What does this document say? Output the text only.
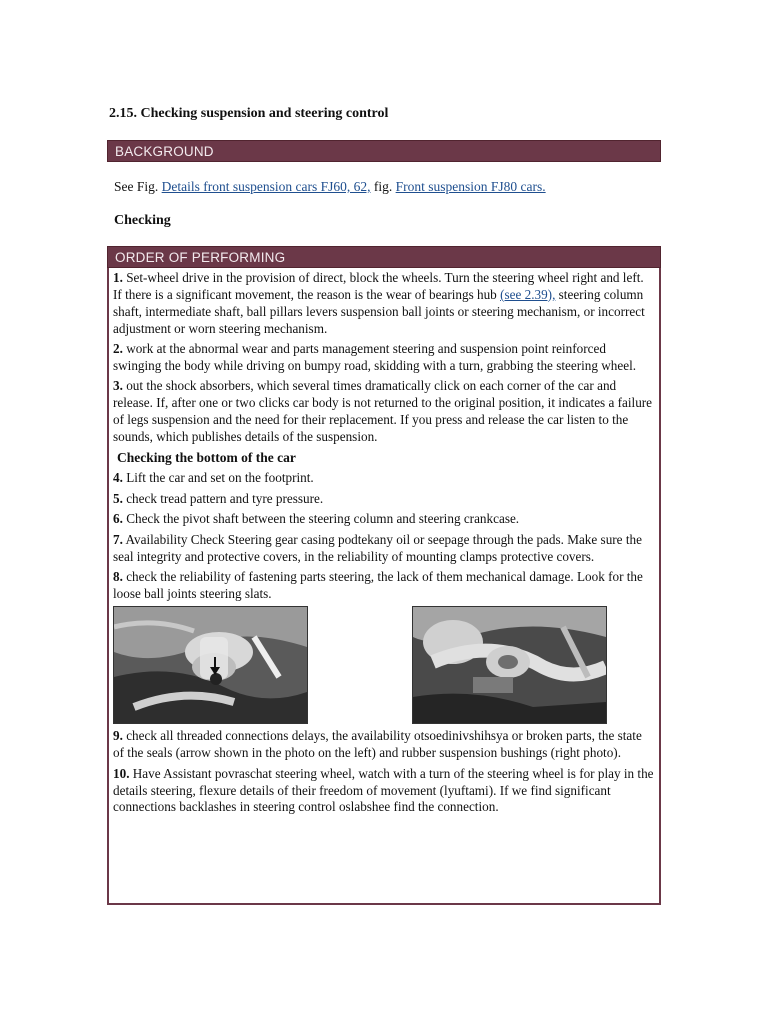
2.15. Checking suspension and steering control
BACKGROUND
See Fig. Details front suspension cars FJ60, 62, fig. Front suspension FJ80 cars.
Checking
ORDER OF PERFORMING

1. Set-wheel drive in the provision of direct, block the wheels. Turn the steering wheel right and left. If there is a significant movement, the reason is the wear of bearings hub (see 2.39), steering column shaft, intermediate shaft, ball pillars levers suspension ball joints or steering mechanism, or incorrect adjustment or worn steering mechanism.

2. work at the abnormal wear and parts management steering and suspension point reinforced swinging the body while driving on bumpy road, skidding with a turn, grabbing the steering wheel.

3. out the shock absorbers, which several times dramatically click on each corner of the car and release. If, after one or two clicks car body is not returned to the original position, it indicates a failure of legs suspension and the need for their replacement. If you press and release the car listen to the sounds, which publishes details of the suspension.

Checking the bottom of the car

4. Lift the car and set on the footprint.

5. check tread pattern and tyre pressure.

6. Check the pivot shaft between the steering column and steering crankcase.

7. Availability Check Steering gear casing podtekany oil or seepage through the pads. Make sure the seal integrity and protective covers, in the reliability of mounting clamps protective covers.

8. check the reliability of fastening parts steering, the lack of them mechanical damage. Look for the loose ball joints steering slats.

9. check all threaded connections delays, the availability otsoedinivshihsya or broken parts, the state of the seals (arrow shown in the photo on the left) and rubber suspension bushings (right photo).

10. Have Assistant povraschat steering wheel, watch with a turn of the steering wheel is for play in the details steering, flexure details of their freedom of movement (lyuftami). If we find significant connections backlashes in steering control oslabshee find the connection.
